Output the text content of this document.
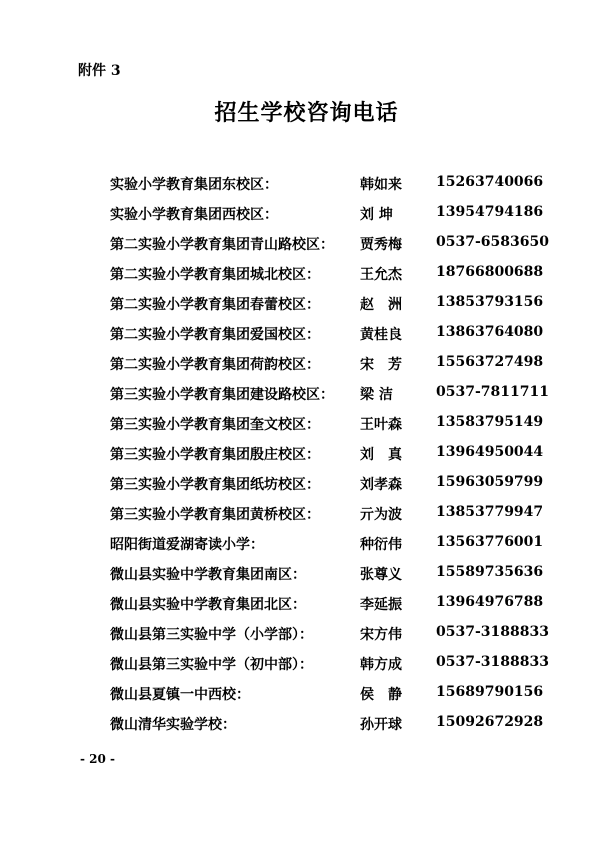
附件 3
招生学校咨询电话
实验小学教育集团东校区：	韩如来 15263740066
实验小学教育集团西校区：	刘 坤	13954794186
第二实验小学教育集团青山路校区： 贾秀梅 0537-6583650
第二实验小学教育集团城北校区：	王允杰 18766800688
第二实验小学教育集团春蕾校区：	赵　洲 13853793156
第二实验小学教育集团爱国校区：	黄桂良 13863764080
第二实验小学教育集团荷韵校区：	宋　芳 15563727498
第三实验小学教育集团建设路校区： 梁 洁	0537-7811711
第三实验小学教育集团奎文校区：	王叶森 13583795149
第三实验小学教育集团殷庄校区：	刘　真 13964950044
第三实验小学教育集团纸坊校区：	刘孝森 15963059799
第三实验小学教育集团黄桥校区：	亓为波 13853779947
昭阳街道爱湖寄读小学：	种衍伟 13563776001
微山县实验中学教育集团南区：	张尊义 15589735636
微山县实验中学教育集团北区：	李延振 13964976788
微山县第三实验中学（小学部）：	宋方伟 0537-3188833
微山县第三实验中学（初中部）：	韩方成 0537-3188833
微山县夏镇一中西校：	侯　静 15689790156
微山清华实验学校：	孙开球 15092672928
- 20 -
